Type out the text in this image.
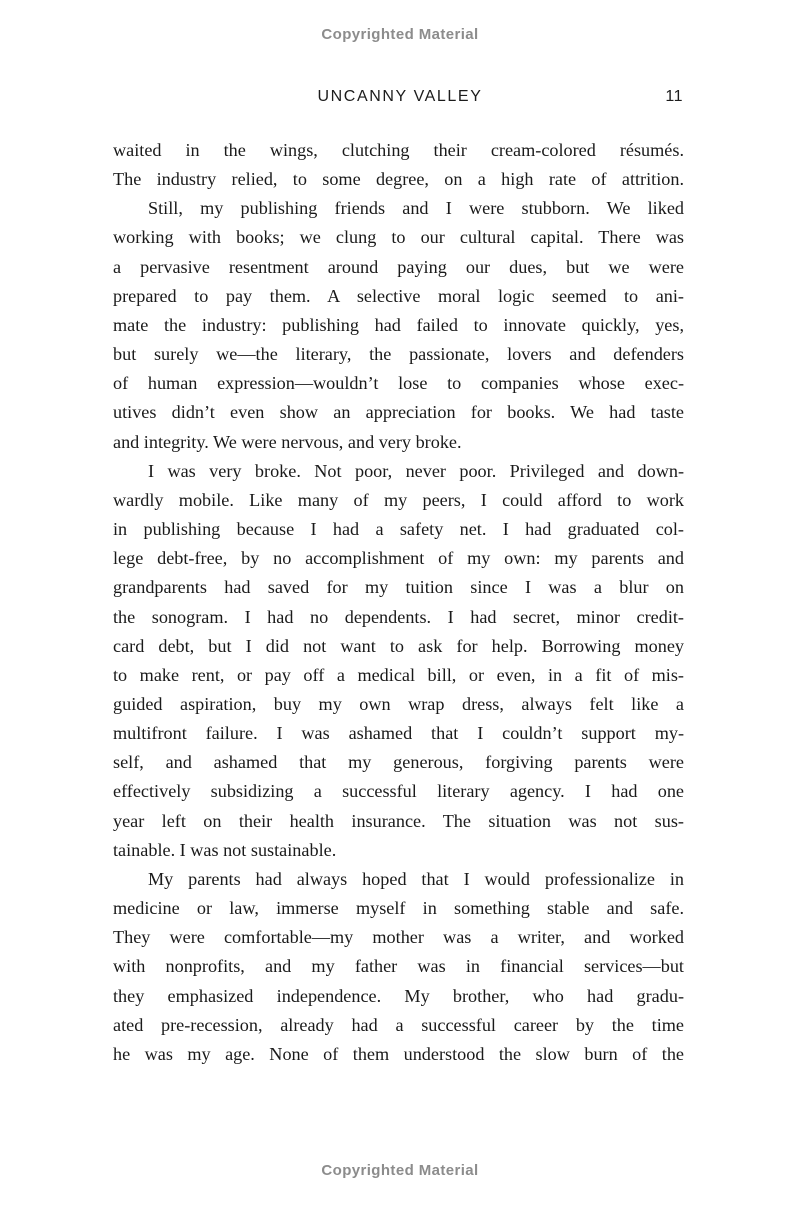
Copyrighted Material
UNCANNY VALLEY	11
waited in the wings, clutching their cream-colored résumés.
The industry relied, to some degree, on a high rate of attrition.
Still, my publishing friends and I were stubborn. We liked
working with books; we clung to our cultural capital. There was
a pervasive resentment around paying our dues, but we were
prepared to pay them. A selective moral logic seemed to ani-
mate the industry: publishing had failed to innovate quickly, yes,
but surely we—the literary, the passionate, lovers and defenders
of human expression—wouldn’t lose to companies whose exec-
utives didn’t even show an appreciation for books. We had taste
and integrity. We were nervous, and very broke.
I was very broke. Not poor, never poor. Privileged and down-
wardly mobile. Like many of my peers, I could afford to work
in publishing because I had a safety net. I had graduated col-
lege debt-free, by no accomplishment of my own: my parents and
grandparents had saved for my tuition since I was a blur on
the sonogram. I had no dependents. I had secret, minor credit-
card debt, but I did not want to ask for help. Borrowing money
to make rent, or pay off a medical bill, or even, in a fit of mis-
guided aspiration, buy my own wrap dress, always felt like a
multifront failure. I was ashamed that I couldn’t support my-
self, and ashamed that my generous, forgiving parents were
effectively subsidizing a successful literary agency. I had one
year left on their health insurance. The situation was not sus-
tainable. I was not sustainable.
My parents had always hoped that I would professionalize in
medicine or law, immerse myself in something stable and safe.
They were comfortable—my mother was a writer, and worked
with nonprofits, and my father was in financial services—but
they emphasized independence. My brother, who had gradu-
ated pre-recession, already had a successful career by the time
he was my age. None of them understood the slow burn of the
Copyrighted Material
